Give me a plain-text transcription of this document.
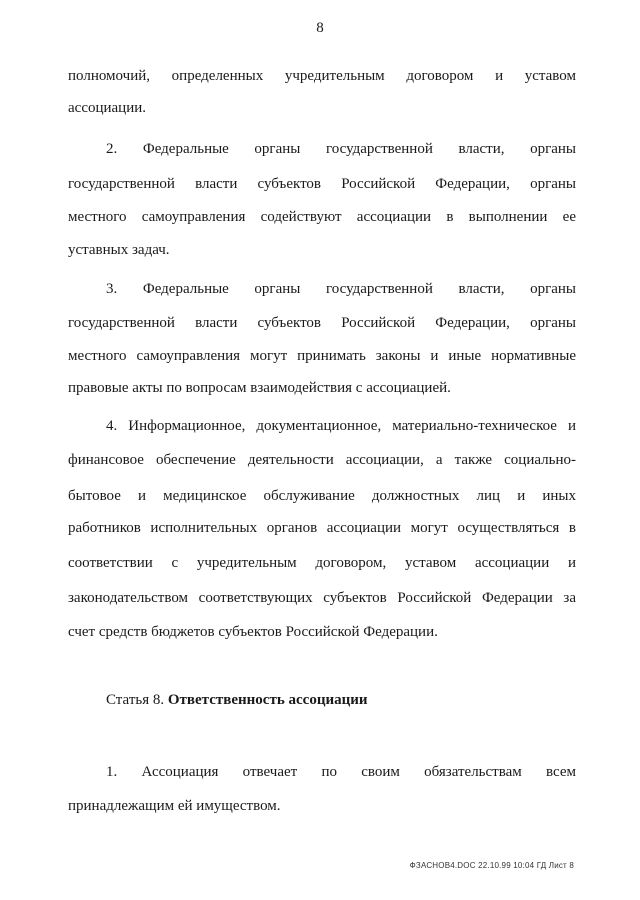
8
полномочий, определенных учредительным договором и уставом
ассоциации.
2. Федеральные органы государственной власти, органы
государственной власти субъектов Российской Федерации, органы
местного самоуправления содействуют ассоциации в выполнении ее
уставных задач.
3. Федеральные органы государственной власти, органы
государственной власти субъектов Российской Федерации, органы
местного самоуправления могут принимать законы и иные нормативные
правовые акты по вопросам взаимодействия с ассоциацией.
4. Информационное, документационное, материально-техническое и
финансовое обеспечение деятельности ассоциации, а также социально-
бытовое и медицинское обслуживание должностных лиц и иных
работников исполнительных органов ассоциации могут осуществляться в
соответствии с учредительным договором, уставом ассоциации и
законодательством соответствующих субъектов Российской Федерации за
счет средств бюджетов субъектов Российской Федерации.
Статья 8. Ответственность ассоциации
1. Ассоциация отвечает по своим обязательствам всем
принадлежащим ей имуществом.
ФЗАСНОВ4.DOC 22.10.99 10:04 ГД Лист 8
